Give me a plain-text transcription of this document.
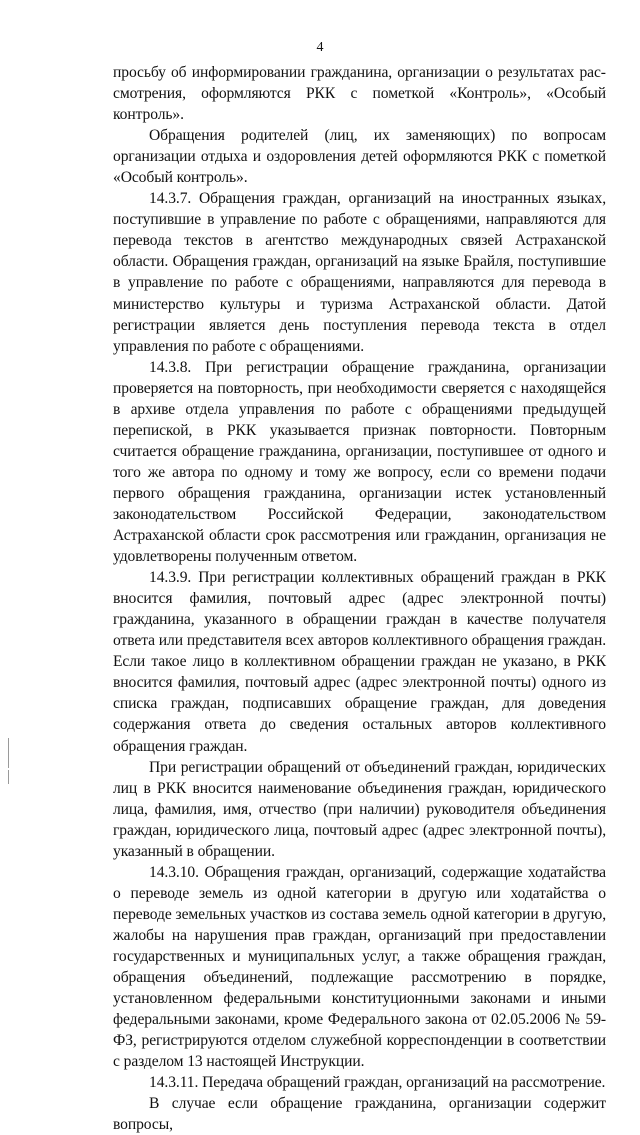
4

просьбу об информировании гражданина, организации о результатах рассмотрения, оформляются РКК с пометкой «Контроль», «Особый контроль».

Обращения родителей (лиц, их заменяющих) по вопросам организации отдыха и оздоровления детей оформляются РКК с пометкой «Особый контроль».

14.3.7. Обращения граждан, организаций на иностранных языках, поступившие в управление по работе с обращениями, направляются для перевода текстов в агентство международных связей Астраханской области. Обращения граждан, организаций на языке Брайля, поступившие в управление по работе с обращениями, направляются для перевода в министерство культуры и туризма Астраханской области. Датой регистрации является день поступления перевода текста в отдел управления по работе с обращениями.

14.3.8. При регистрации обращение гражданина, организации проверяется на повторность, при необходимости сверяется с находящейся в архиве отдела управления по работе с обращениями предыдущей перепиской, в РКК указывается признак повторности. Повторным считается обращение гражданина, организации, поступившее от одного и того же автора по одному и тому же вопросу, если со времени подачи первого обращения гражданина, организации истек установленный законодательством Российской Федерации, законодательством Астраханской области срок рассмотрения или гражданин, организация не удовлетворены полученным ответом.

14.3.9. При регистрации коллективных обращений граждан в РКК вносится фамилия, почтовый адрес (адрес электронной почты) гражданина, указанного в обращении граждан в качестве получателя ответа или представителя всех авторов коллективного обращения граждан. Если такое лицо в коллективном обращении граждан не указано, в РКК вносится фамилия, почтовый адрес (адрес электронной почты) одного из списка граждан, подписавших обращение граждан, для доведения содержания ответа до сведения остальных авторов коллективного обращения граждан.

При регистрации обращений от объединений граждан, юридических лиц в РКК вносится наименование объединения граждан, юридического лица, фамилия, имя, отчество (при наличии) руководителя объединения граждан, юридического лица, почтовый адрес (адрес электронной почты), указанный в обращении.

14.3.10. Обращения граждан, организаций, содержащие ходатайства о переводе земель из одной категории в другую или ходатайства о переводе земельных участков из состава земель одной категории в другую, жалобы на нарушения прав граждан, организаций при предоставлении государственных и муниципальных услуг, а также обращения граждан, обращения объединений, подлежащие рассмотрению в порядке, установленном федеральными конституционными законами и иными федеральными законами, кроме Федерального закона от 02.05.2006 № 59-ФЗ, регистрируются отделом служебной корреспонденции в соответствии с разделом 13 настоящей Инструкции.

14.3.11. Передача обращений граждан, организаций на рассмотрение.

В случае если обращение гражданина, организации содержит вопросы,
